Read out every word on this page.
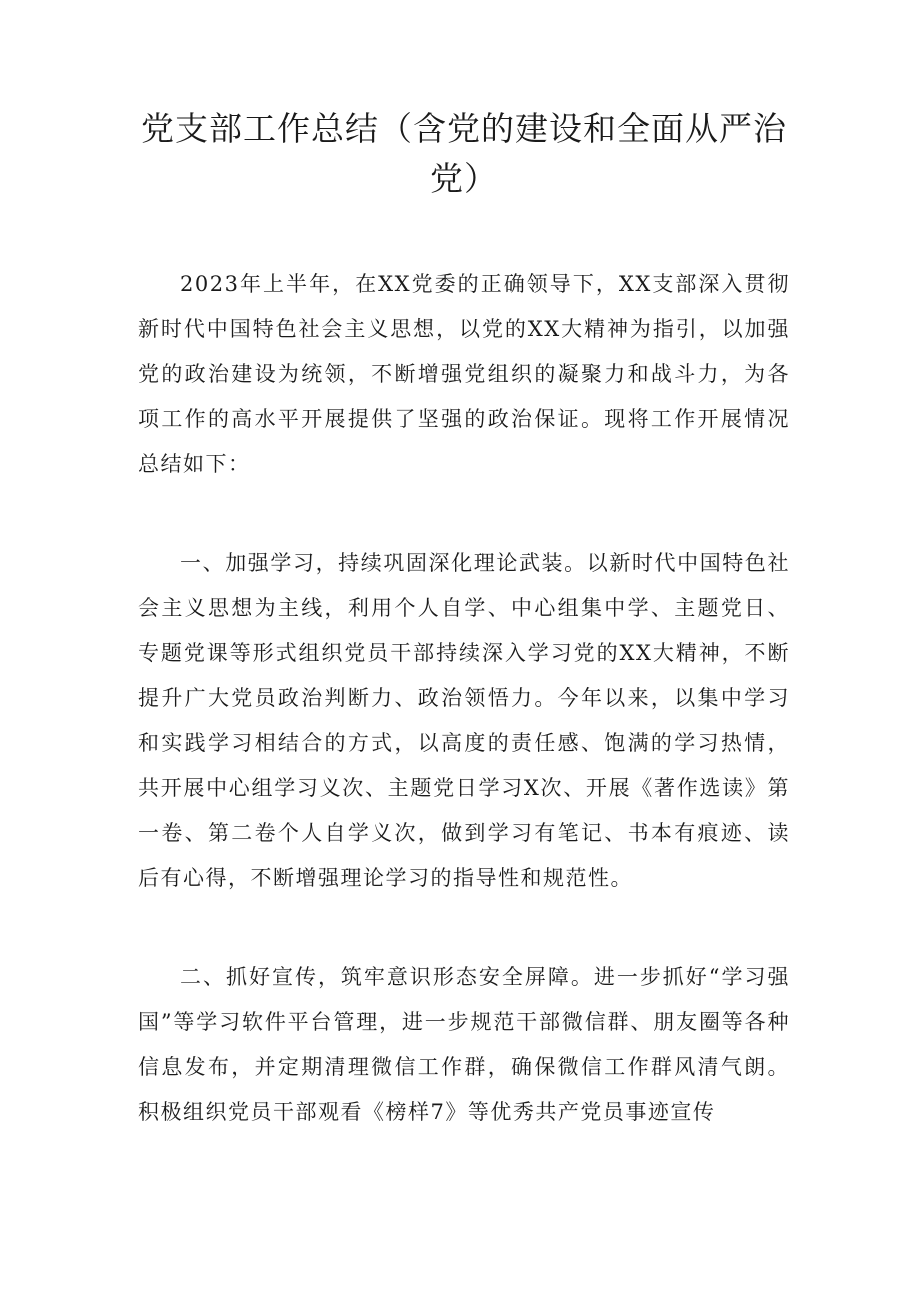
党支部工作总结（含党的建设和全面从严治党）

2023年上半年，在XX党委的正确领导下，XX支部深入贯彻新时代中国特色社会主义思想，以党的XX大精神为指引，以加强党的政治建设为统领，不断增强党组织的凝聚力和战斗力，为各项工作的高水平开展提供了坚强的政治保证。现将工作开展情况总结如下：

一、加强学习，持续巩固深化理论武装。以新时代中国特色社会主义思想为主线，利用个人自学、中心组集中学、主题党日、专题党课等形式组织党员干部持续深入学习党的XX大精神，不断提升广大党员政治判断力、政治领悟力。今年以来，以集中学习和实践学习相结合的方式，以高度的责任感、饱满的学习热情，共开展中心组学习义次、主题党日学习X次、开展《著作选读》第一卷、第二卷个人自学义次，做到学习有笔记、书本有痕迹、读后有心得，不断增强理论学习的指导性和规范性。

二、抓好宣传，筑牢意识形态安全屏障。进一步抓好“学习强国”等学习软件平台管理，进一步规范干部微信群、朋友圈等各种信息发布，并定期清理微信工作群，确保微信工作群风清气朗。积极组织党员干部观看《榜样7》等优秀共产党员事迹宣传
